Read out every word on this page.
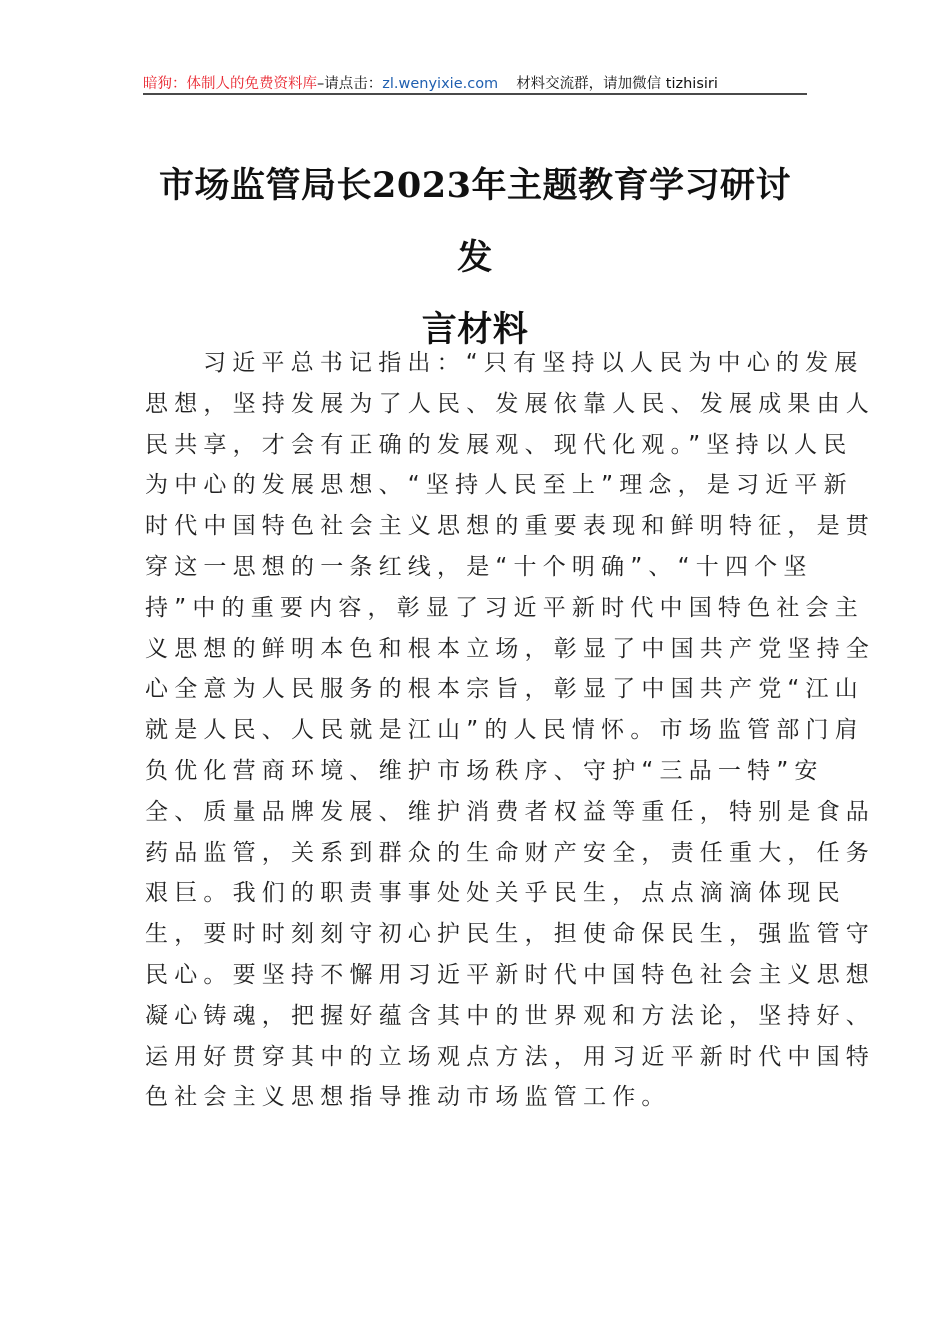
暗狗：体制人的免费资料库 –请点击： zl.wenyixie.com 材料交流群，请加微信 tizhisiri
市场监管局长2023年主题教育学习研讨发
言材料
习近平总书记指出：“只有坚持以人民为中心的发展
思想，坚持发展为了人民、发展依靠人民、发展成果由人
民共享，才会有正确的发展观、现代化观。”坚持以人民
为中心的发展思想、“坚持人民至上”理念，是习近平新
时代中国特色社会主义思想的重要表现和鲜明特征，是贯
穿这一思想的一条红线，是“十个明确”、“十四个坚
持”中的重要内容，彰显了习近平新时代中国特色社会主
义思想的鲜明本色和根本立场，彰显了中国共产党坚持全
心全意为人民服务的根本宗旨，彰显了中国共产党“江山
就是人民、人民就是江山”的人民情怀。市场监管部门肩
负优化营商环境、维护市场秩序、守护“三品一特”安
全、质量品牌发展、维护消费者权益等重任，特别是食品
药品监管，关系到群众的生命财产安全，责任重大，任务
艰巨。我们的职责事事处处关乎民生，点点滴滴体现民
生，要时时刻刻守初心护民生，担使命保民生，强监管守
民心。要坚持不懈用习近平新时代中国特色社会主义思想
凝心铸魂，把握好蕴含其中的世界观和方法论，坚持好、
运用好贯穿其中的立场观点方法，用习近平新时代中国特
色社会主义思想指导推动市场监管工作。
